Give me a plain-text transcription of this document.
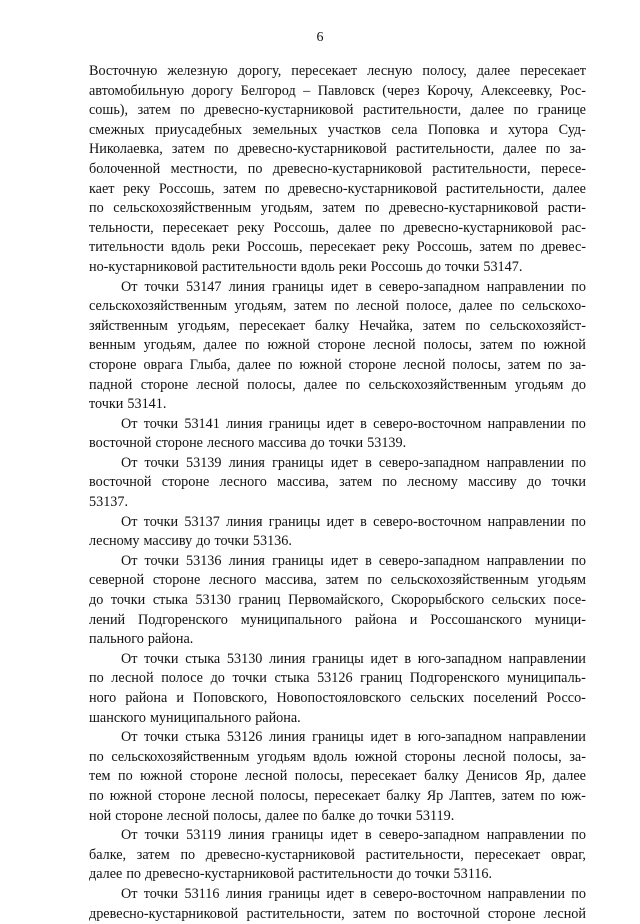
6
Восточную железную дорогу, пересекает лесную полосу, далее пересекает
автомобильную дорогу Белгород – Павловск (через Корочу, Алексеевку, Рос-
сошь), затем по древесно-кустарниковой растительности, далее по границе
смежных приусадебных земельных участков села Поповка и хутора Суд-
Николаевка, затем по древесно-кустарниковой растительности, далее по за-
болоченной местности, по древесно-кустарниковой растительности, пересе-
кает реку Россошь, затем по древесно-кустарниковой растительности, далее
по сельскохозяйственным угодьям, затем по древесно-кустарниковой расти-
тельности, пересекает реку Россошь, далее по древесно-кустарниковой рас-
тительности вдоль реки Россошь, пересекает реку Россошь, затем по древес-
но-кустарниковой растительности вдоль реки Россошь до точки 53147.
От точки 53147 линия границы идет в северо-западном направлении по
сельскохозяйственным угодьям, затем по лесной полосе, далее по сельскохо-
зяйственным угодьям, пересекает балку Нечайка, затем по сельскохозяйст-
венным угодьям, далее по южной стороне лесной полосы, затем по южной
стороне оврага Глыба, далее по южной стороне лесной полосы, затем по за-
падной стороне лесной полосы, далее по сельскохозяйственным угодьям до
точки 53141.
От точки 53141 линия границы идет в северо-восточном направлении по
восточной стороне лесного массива до точки 53139.
От точки 53139 линия границы идет в северо-западном направлении по
восточной стороне лесного массива, затем по лесному массиву до точки
53137.
От точки 53137 линия границы идет в северо-восточном направлении по
лесному массиву до точки 53136.
От точки 53136 линия границы идет в северо-западном направлении по
северной стороне лесного массива, затем по сельскохозяйственным угодьям
до точки стыка 53130 границ Первомайского, Скорорыбского сельских посе-
лений Подгоренского муниципального района и Россошанского муници-
пального района.
От точки стыка 53130 линия границы идет в юго-западном направлении
по лесной полосе до точки стыка 53126 границ Подгоренского муниципаль-
ного района и Поповского, Новопостояловского сельских поселений Россо-
шанского муниципального района.
От точки стыка 53126 линия границы идет в юго-западном направлении
по сельскохозяйственным угодьям вдоль южной стороны лесной полосы, за-
тем по южной стороне лесной полосы, пересекает балку Денисов Яр, далее
по южной стороне лесной полосы, пересекает балку Яр Лаптев, затем по юж-
ной стороне лесной полосы, далее по балке до точки 53119.
От точки 53119 линия границы идет в северо-западном направлении по
балке, затем по древесно-кустарниковой растительности, пересекает овраг,
далее по древесно-кустарниковой растительности до точки 53116.
От точки 53116 линия границы идет в северо-восточном направлении по
древесно-кустарниковой растительности, затем по восточной стороне лесной
